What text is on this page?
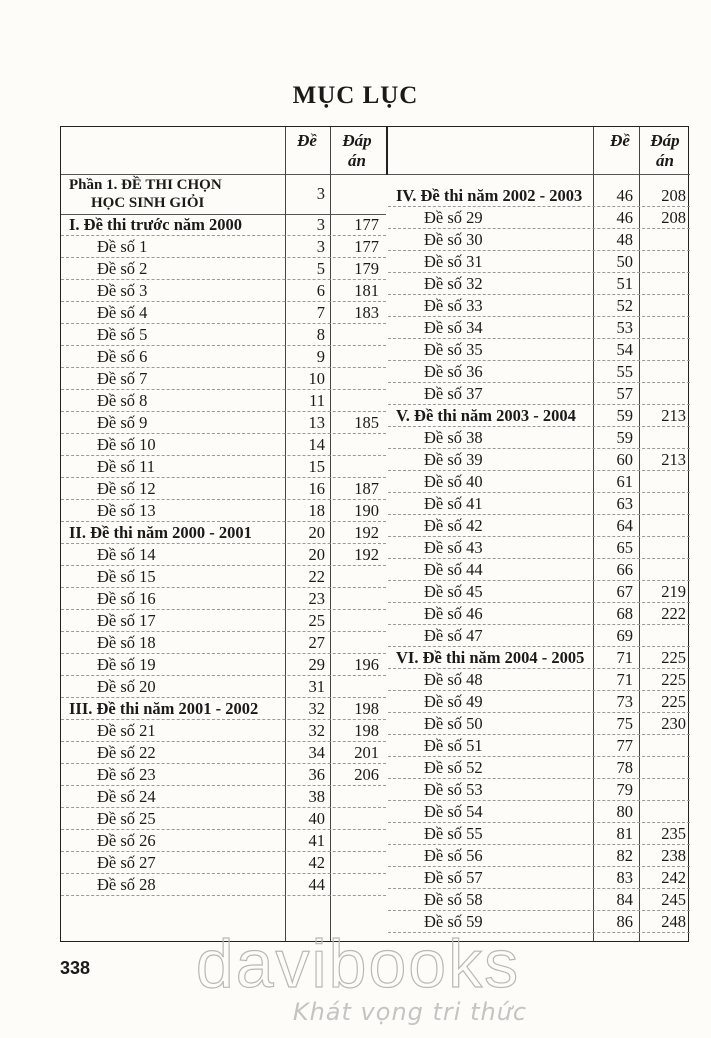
MỤC LỤC
Đề	Đáp
án
Phần 1. ĐỀ THI CHỌN
HỌC SINH GIỎI	3
I. Đề thi trước năm 2000	3	177
Đề số 1	3	177
Đề số 2	5	179
Đề số 3	6	181
Đề số 4	7	183
Đề số 5	8
Đề số 6	9
Đề số 7	10
Đề số 8	11
Đề số 9	13	185
Đề số 10	14
Đề số 11	15
Đề số 12	16	187
Đề số 13	18	190
II. Đề thi năm 2000 - 2001	20	192
Đề số 14	20	192
Đề số 15	22
Đề số 16	23
Đề số 17	25
Đề số 18	27
Đề số 19	29	196
Đề số 20	31
III. Đề thi năm 2001 - 2002	32	198
Đề số 21	32	198
Đề số 22	34	201
Đề số 23	36	206
Đề số 24	38
Đề số 25	40
Đề số 26	41
Đề số 27	42
Đề số 28	44
Đề	Đáp
án
IV. Đề thi năm 2002 - 2003	46	208
Đề số 29	46	208
Đề số 30	48
Đề số 31	50
Đề số 32	51
Đề số 33	52
Đề số 34	53
Đề số 35	54
Đề số 36	55
Đề số 37	57
V. Đề thi năm 2003 - 2004	59	213
Đề số 38	59
Đề số 39	60	213
Đề số 40	61
Đề số 41	63
Đề số 42	64
Đề số 43	65
Đề số 44	66
Đề số 45	67	219
Đề số 46	68	222
Đề số 47	69
VI. Đề thi năm 2004 - 2005	71	225
Đề số 48	71	225
Đề số 49	73	225
Đề số 50	75	230
Đề số 51	77
Đề số 52	78
Đề số 53	79
Đề số 54	80
Đề số 55	81	235
Đề số 56	82	238
Đề số 57	83	242
Đề số 58	84	245
Đề số 59	86	248
338	davibooks
Khát vọng tri thức
